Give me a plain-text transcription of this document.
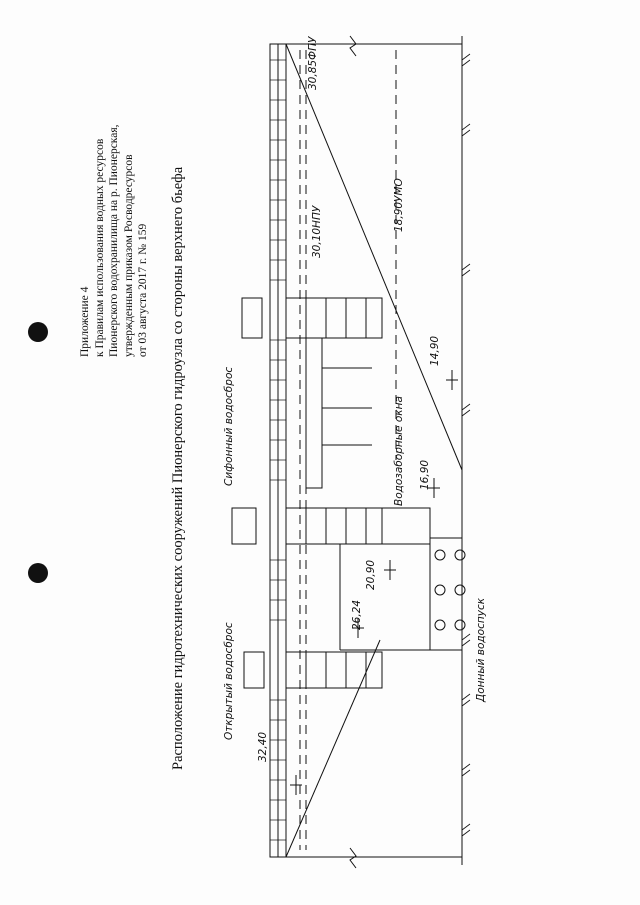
Приложение 4 к Правилам использования водных ресурсов Пионерского водохранилища на р. Пионерская, утвержденным приказом Росводресурсов от 03 августа 2017 г. № 159 Расположение гидротехнических сооружений Пионерского гидроузла со стороны верхнего бьефа	Открытый водосброс
Сифонный водосброс	Водозаборные окна
Донный водоспуск
30,85ФПУ
30,10НПУ	18,90УМО
32,40
26,24
20,90
16,90
14,90
